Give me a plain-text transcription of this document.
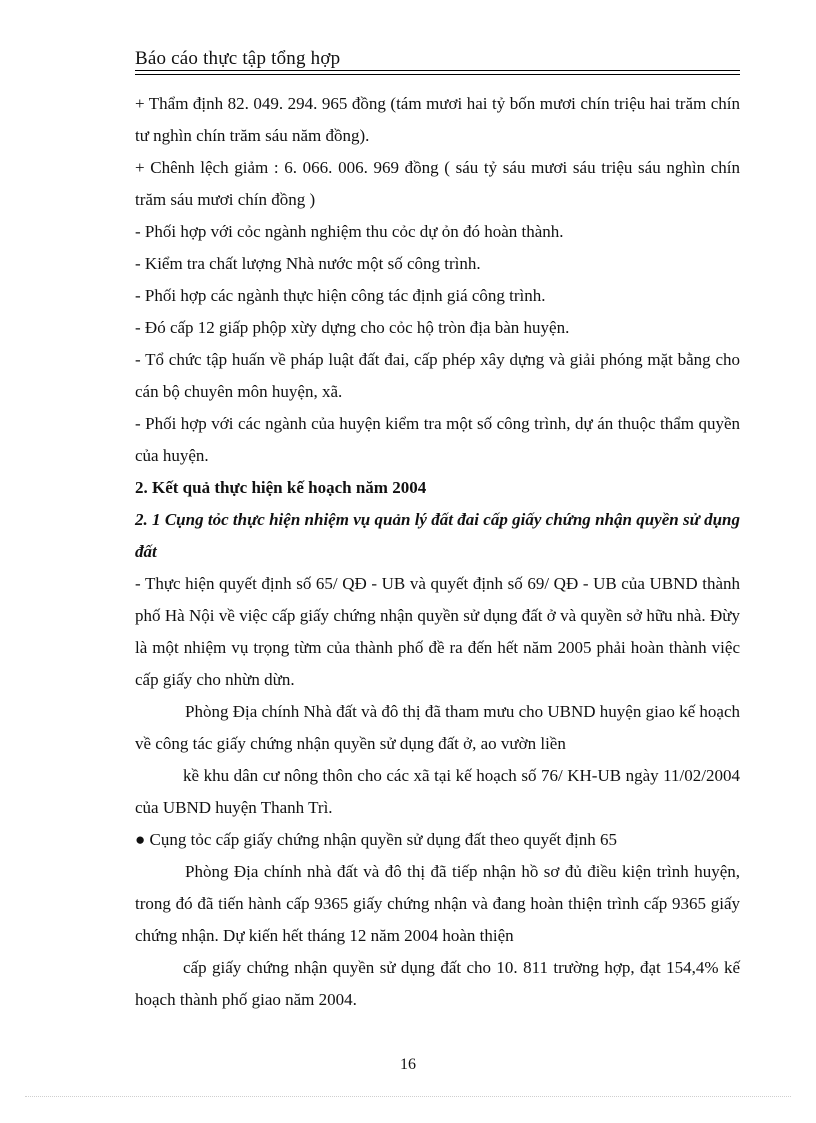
Báo cáo thực tập tổng hợp

+ Thẩm định 82. 049. 294. 965 đồng (tám mươi hai tỷ bốn mươi chín triệu hai trăm chín tư nghìn chín trăm sáu năm đồng).

+ Chênh lệch giảm : 6. 066. 006. 969 đồng ( sáu tỷ sáu mươi sáu triệu sáu nghìn chín trăm sáu mươi chín đồng )

- Phối hợp với cỏc ngành nghiệm thu cỏc dự ỏn đó hoàn thành.

- Kiểm tra chất lượng Nhà nước một số công trình.

- Phối hợp các ngành thực hiện công tác định giá công trình.

- Đó cấp 12 giấp phộp xừy dựng cho cỏc hộ tròn địa bàn huyện.

- Tổ chức tập huấn về pháp luật đất đai, cấp phép xây dựng và giải phóng mặt bằng cho cán bộ chuyên môn huyện, xã.

- Phối hợp với các ngành của huyện kiểm tra một số công trình, dự án thuộc thẩm quyền của huyện.

2. Kết quả thực hiện kế hoạch năm 2004

2. 1 Cụng tỏc thực hiện nhiệm vụ quản lý đất đai cấp giấy chứng nhận quyền sử dụng đất

- Thực hiện quyết định số 65/ QĐ - UB và quyết định số 69/ QĐ - UB của UBND thành phố Hà Nội về việc cấp giấy chứng nhận quyền sử dụng đất ở và quyền sở hữu nhà. Đừy là một nhiệm vụ trọng từm của thành phố đề ra đến hết năm 2005 phải hoàn thành việc cấp giấy cho nhừn dừn.

Phòng Địa chính Nhà đất và đô thị đã tham mưu cho UBND huyện giao kế hoạch về công tác giấy chứng nhận quyền sử dụng đất ở, ao vườn liền

kề khu dân cư nông thôn cho các xã tại kế hoạch số 76/ KH-UB ngày 11/02/2004 của UBND huyện Thanh Trì.

● Cụng tỏc cấp giấy chứng nhận quyền sử dụng đất theo quyết định 65

Phòng Địa chính nhà đất và đô thị đã tiếp nhận hồ sơ đủ điều kiện trình huyện, trong đó đã tiến hành cấp 9365 giấy chứng nhận và đang hoàn thiện trình cấp 9365 giấy chứng nhận. Dự kiến hết tháng 12 năm 2004 hoàn thiện

cấp giấy chứng nhận quyền sử dụng đất cho 10. 811 trường hợp, đạt 154,4% kế hoạch thành phố giao năm 2004.

16
